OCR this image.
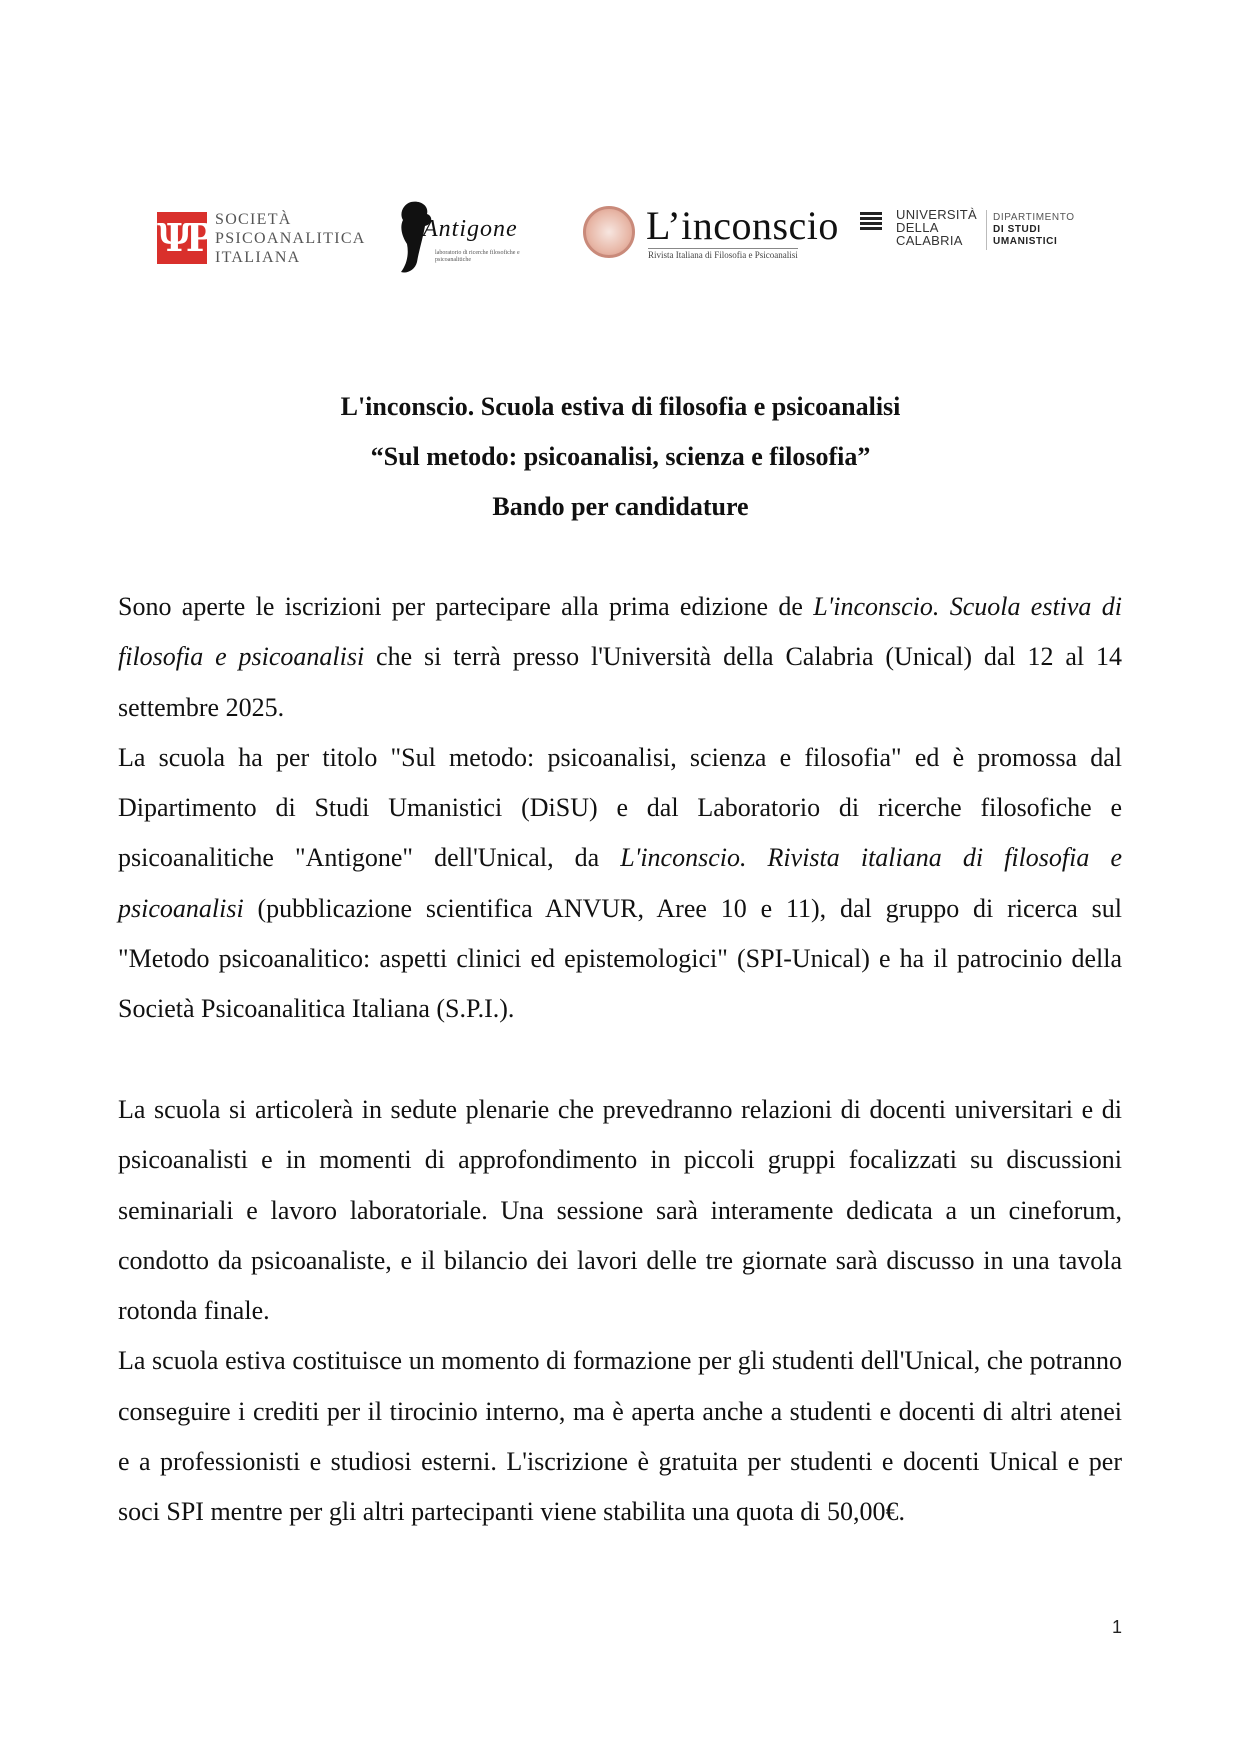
ΨΡ SOCIETÀ
PSICOANALITICA
ITALIANA
Antigone
laboratorio di ricerche filosofiche e psicoanalitiche
L’inconscio
Rivista Italiana di Filosofia e Psicoanalisi
UNIVERSITÀ
DELLA
CALABRIA
DIPARTIMENTO
DI STUDI
UMANISTICI
L'inconscio. Scuola estiva di filosofia e psicoanalisi
“Sul metodo: psicoanalisi, scienza e filosofia”
Bando per candidature

Sono aperte le iscrizioni per partecipare alla prima edizione de L'inconscio. Scuola estiva di filosofia e psicoanalisi che si terrà presso l'Università della Calabria (Unical) dal 12 al 14 settembre 2025.

La scuola ha per titolo "Sul metodo: psicoanalisi, scienza e filosofia" ed è promossa dal Dipartimento di Studi Umanistici (DiSU) e dal Laboratorio di ricerche filosofiche e psicoanalitiche "Antigone" dell'Unical, da L'inconscio. Rivista italiana di filosofia e psicoanalisi (pubblicazione scientifica ANVUR, Aree 10 e 11), dal gruppo di ricerca sul "Metodo psicoanalitico: aspetti clinici ed epistemologici" (SPI-Unical) e ha il patrocinio della Società Psicoanalitica Italiana (S.P.I.).

La scuola si articolerà in sedute plenarie che prevedranno relazioni di docenti universitari e di psicoanalisti e in momenti di approfondimento in piccoli gruppi focalizzati su discussioni seminariali e lavoro laboratoriale. Una sessione sarà interamente dedicata a un cineforum, condotto da psicoanaliste, e il bilancio dei lavori delle tre giornate sarà discusso in una tavola rotonda finale.

La scuola estiva costituisce un momento di formazione per gli studenti dell'Unical, che potranno conseguire i crediti per il tirocinio interno, ma è aperta anche a studenti e docenti di altri atenei e a professionisti e studiosi esterni. L'iscrizione è gratuita per studenti e docenti Unical e per soci SPI mentre per gli altri partecipanti viene stabilita una quota di 50,00€.

1
